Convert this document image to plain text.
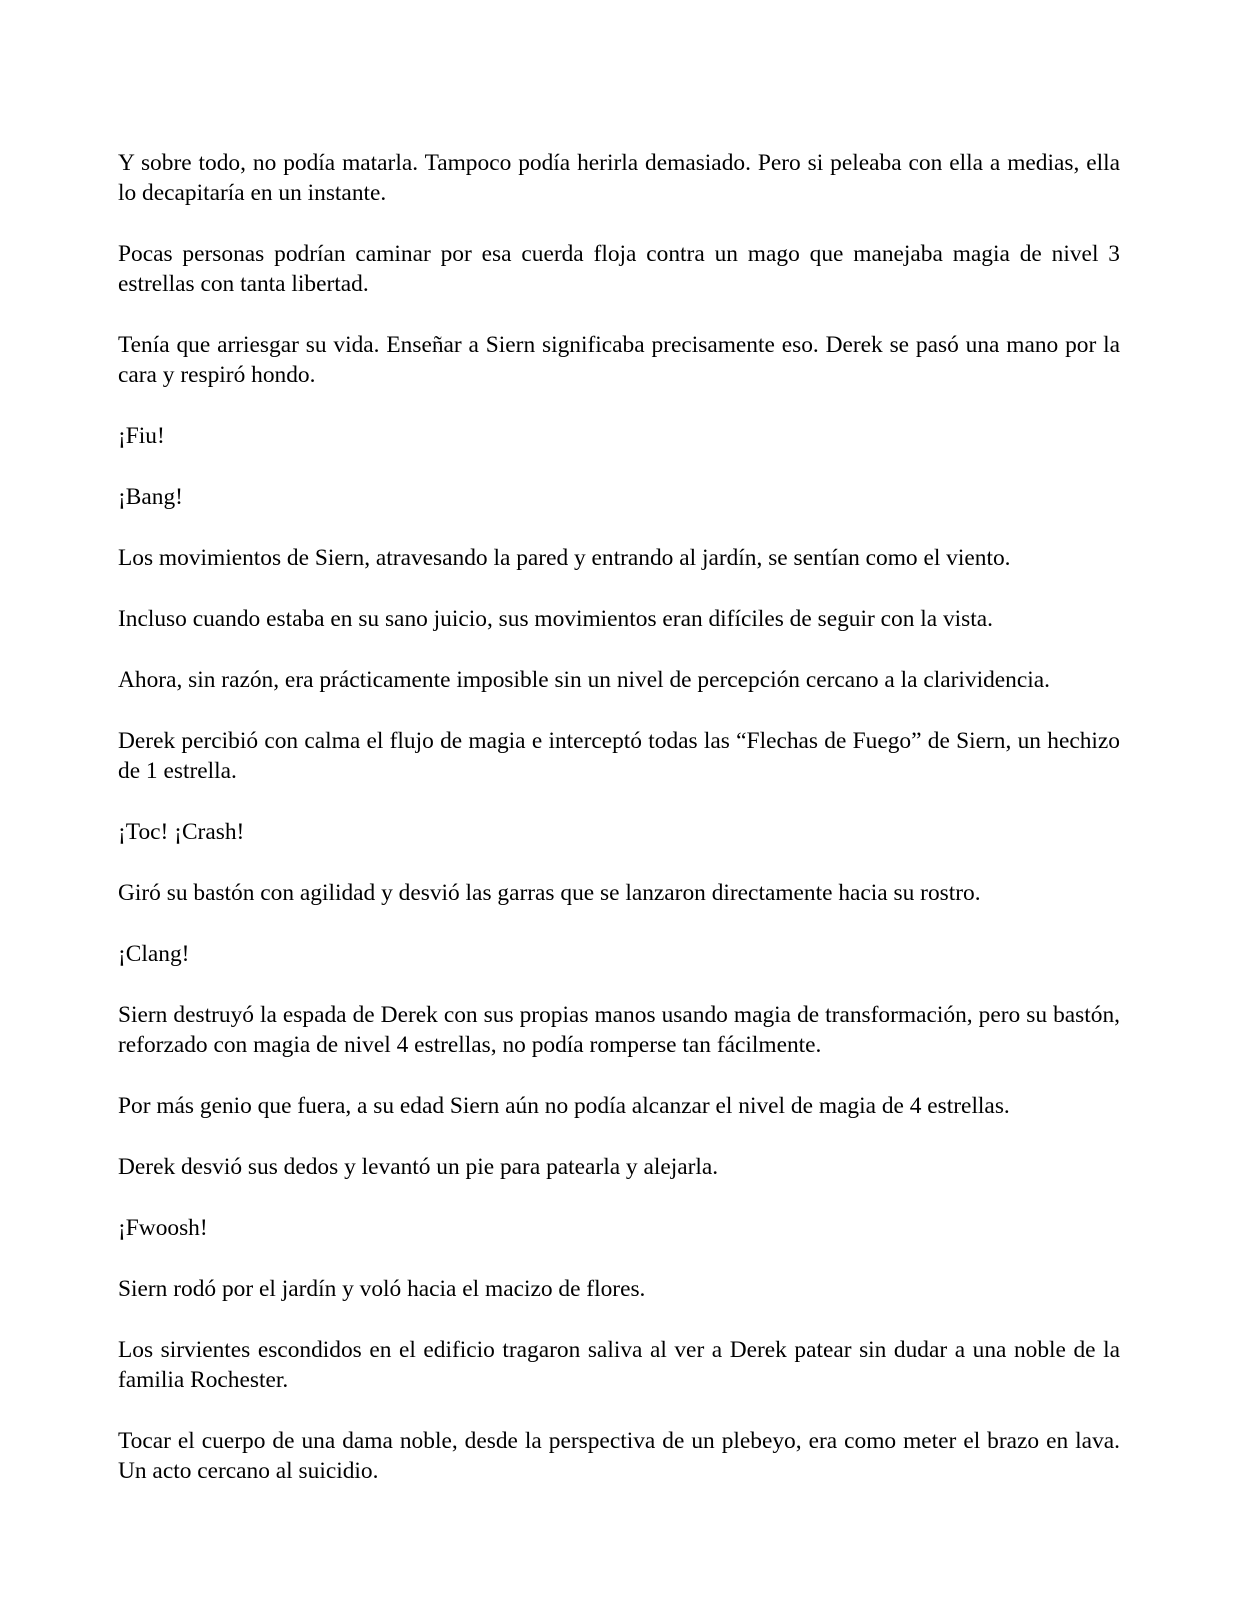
Y sobre todo, no podía matarla. Tampoco podía herirla demasiado. Pero si peleaba con ella a medias, ella lo decapitaría en un instante.

Pocas personas podrían caminar por esa cuerda floja contra un mago que manejaba magia de nivel 3 estrellas con tanta libertad.

Tenía que arriesgar su vida. Enseñar a Siern significaba precisamente eso. Derek se pasó una mano por la cara y respiró hondo.

¡Fiu!

¡Bang!

Los movimientos de Siern, atravesando la pared y entrando al jardín, se sentían como el viento.

Incluso cuando estaba en su sano juicio, sus movimientos eran difíciles de seguir con la vista.

Ahora, sin razón, era prácticamente imposible sin un nivel de percepción cercano a la clarividencia.

Derek percibió con calma el flujo de magia e interceptó todas las “Flechas de Fuego” de Siern, un hechizo de 1 estrella.

¡Toc! ¡Crash!

Giró su bastón con agilidad y desvió las garras que se lanzaron directamente hacia su rostro.

¡Clang!

Siern destruyó la espada de Derek con sus propias manos usando magia de transformación, pero su bastón, reforzado con magia de nivel 4 estrellas, no podía romperse tan fácilmente.

Por más genio que fuera, a su edad Siern aún no podía alcanzar el nivel de magia de 4 estrellas.

Derek desvió sus dedos y levantó un pie para patearla y alejarla.

¡Fwoosh!

Siern rodó por el jardín y voló hacia el macizo de flores.

Los sirvientes escondidos en el edificio tragaron saliva al ver a Derek patear sin dudar a una noble de la familia Rochester.

Tocar el cuerpo de una dama noble, desde la perspectiva de un plebeyo, era como meter el brazo en lava. Un acto cercano al suicidio.
